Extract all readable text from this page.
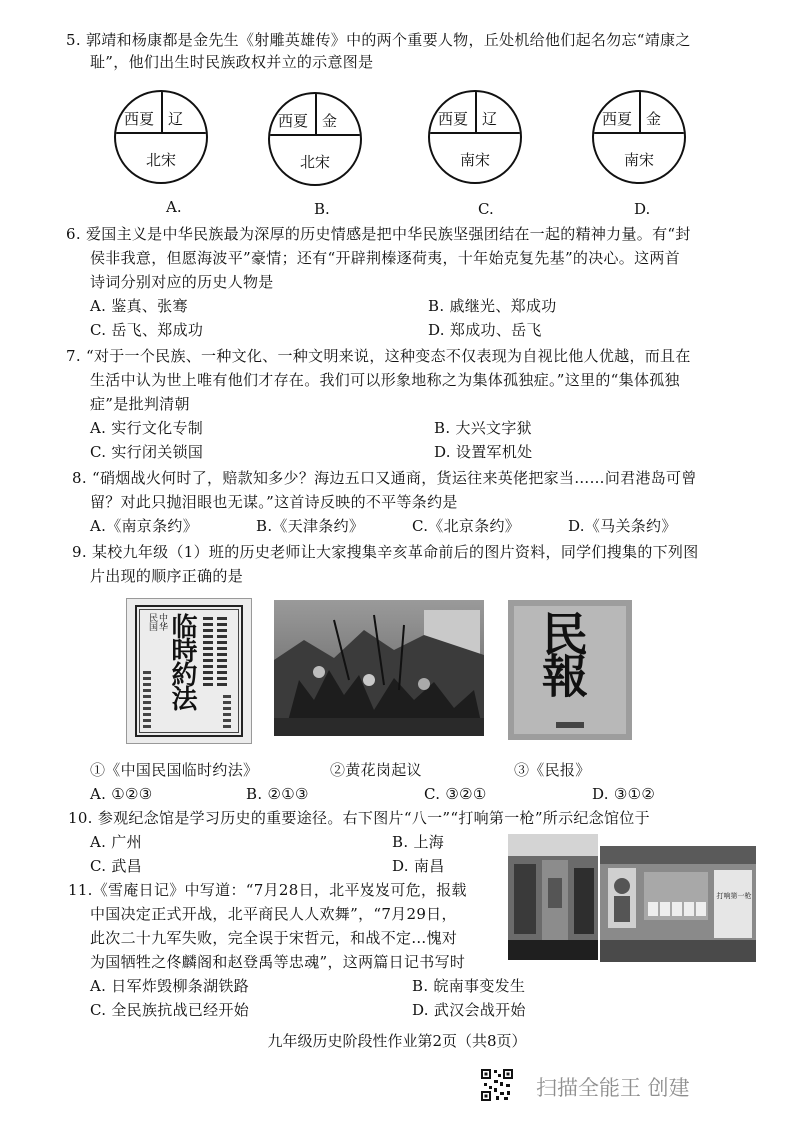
5. 郭靖和杨康都是金先生《射雕英雄传》中的两个重要人物，丘处机给他们起名勿忘“靖康之
耻”，他们出生时民族政权并立的示意图是
西夏 辽
北宋
西夏 金
北宋
西夏 辽
南宋
西夏 金
南宋
A.	B.	C.	D.
6. 爱国主义是中华民族最为深厚的历史情感是把中华民族坚强团结在一起的精神力量。有“封
侯非我意，但愿海波平”豪情；还有“开辟荆榛逐荷夷，十年始克复先基”的决心。这两首
诗词分别对应的历史人物是
A. 鉴真、张骞	B. 戚继光、郑成功
C. 岳飞、郑成功	D. 郑成功、岳飞
7. “对于一个民族、一种文化、一种文明来说，这种变态不仅表现为自视比他人优越，而且在
生活中认为世上唯有他们才存在。我们可以形象地称之为集体孤独症。”这里的“集体孤独
症”是批判清朝
A. 实行文化专制	B. 大兴文字狱
C. 实行闭关锁国	D. 设置军机处
8. “硝烟战火何时了，赔款知多少？海边五口又通商，货运往来英佬把家当……问君港岛可曾
留？对此只抛泪眼也无谋。”这首诗反映的不平等条约是
A.《南京条约》	B.《天津条约》	C.《北京条约》	D.《马关条约》
9. 某校九年级（1）班的历史老师让大家搜集辛亥革命前后的图片资料，同学们搜集的下列图
片出现的顺序正确的是
中华
民国 临時約法	民報
①《中国民国临时约法》	②黄花岗起议	③《民报》
A. ①②③	B. ②①③	C. ③②①	D. ③①②
10. 参观纪念馆是学习历史的重要途径。右下图片“八一”“打响第一枪”所示纪念馆位于
A. 广州	B. 上海
C. 武昌	D. 南昌
打响第一枪
11.《雪庵日记》中写道：“7月28日，北平岌岌可危，报载
中国决定正式开战，北平商民人人欢舞”，“7月29日，
此次二十九军失败，完全误于宋哲元，和战不定…愧对
为国牺牲之佟麟阁和赵登禹等忠魂”，这两篇日记书写时
A. 日军炸毁柳条湖铁路	B. 皖南事变发生
C. 全民族抗战已经开始	D. 武汉会战开始
九年级历史阶段性作业第2页（共8页）
扫描全能王 创建
